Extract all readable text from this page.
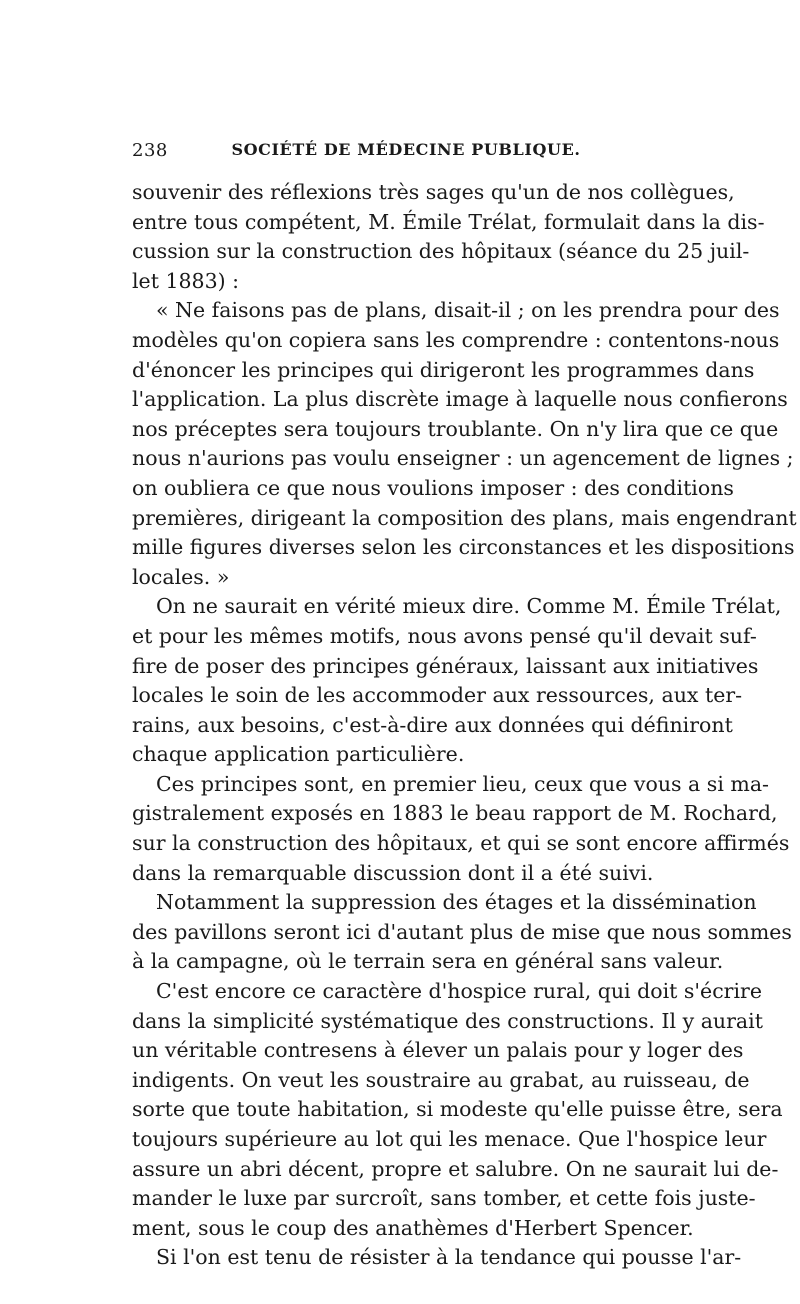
238	SOCIÉTÉ DE MÉDECINE PUBLIQUE.
souvenir des réflexions très sages qu'un de nos collègues,
entre tous compétent, M. Émile Trélat, formulait dans la dis-
cussion sur la construction des hôpitaux (séance du 25 juil-
let 1883) :
« Ne faisons pas de plans, disait-il ; on les prendra pour des
modèles qu'on copiera sans les comprendre : contentons-nous
d'énoncer les principes qui dirigeront les programmes dans
l'application. La plus discrète image à laquelle nous confierons
nos préceptes sera toujours troublante. On n'y lira que ce que
nous n'aurions pas voulu enseigner : un agencement de lignes ;
on oubliera ce que nous voulions imposer : des conditions
premières, dirigeant la composition des plans, mais engendrant
mille figures diverses selon les circonstances et les dispositions
locales. »
On ne saurait en vérité mieux dire. Comme M. Émile Trélat,
et pour les mêmes motifs, nous avons pensé qu'il devait suf-
fire de poser des principes généraux, laissant aux initiatives
locales le soin de les accommoder aux ressources, aux ter-
rains, aux besoins, c'est-à-dire aux données qui définiront
chaque application particulière.
Ces principes sont, en premier lieu, ceux que vous a si ma-
gistralement exposés en 1883 le beau rapport de M. Rochard,
sur la construction des hôpitaux, et qui se sont encore affirmés
dans la remarquable discussion dont il a été suivi.
Notamment la suppression des étages et la dissémination
des pavillons seront ici d'autant plus de mise que nous sommes
à la campagne, où le terrain sera en général sans valeur.
C'est encore ce caractère d'hospice rural, qui doit s'écrire
dans la simplicité systématique des constructions. Il y aurait
un véritable contresens à élever un palais pour y loger des
indigents. On veut les soustraire au grabat, au ruisseau, de
sorte que toute habitation, si modeste qu'elle puisse être, sera
toujours supérieure au lot qui les menace. Que l'hospice leur
assure un abri décent, propre et salubre. On ne saurait lui de-
mander le luxe par surcroît, sans tomber, et cette fois juste-
ment, sous le coup des anathèmes d'Herbert Spencer.
Si l'on est tenu de résister à la tendance qui pousse l'ar-
